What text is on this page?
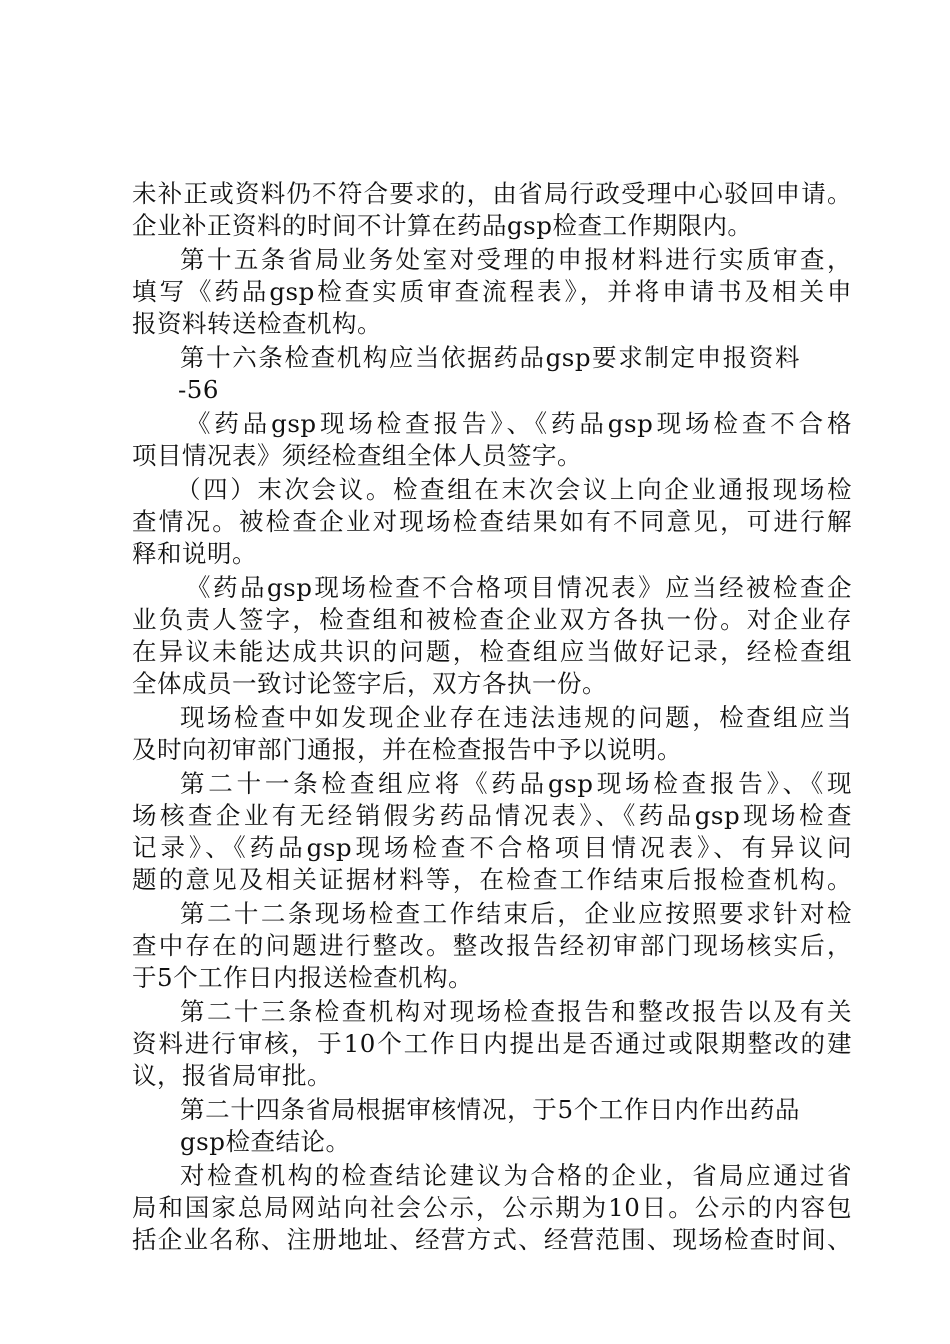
未补正或资料仍不符合要求的，由省局行政受理中心驳回申请。
企业补正资料的时间不计算在药品gsp检查工作期限内。
第十五条省局业务处室对受理的申报材料进行实质审查，
填写《药品gsp检查实质审查流程表》，并将申请书及相关申
报资料转送检查机构。
第十六条检查机构应当依据药品gsp要求制定申报资料
-56
《药品gsp现场检查报告》、《药品gsp现场检查不合格
项目情况表》须经检查组全体人员签字。
（四）末次会议。检查组在末次会议上向企业通报现场检
查情况。被检查企业对现场检查结果如有不同意见，可进行解
释和说明。
《药品gsp现场检查不合格项目情况表》应当经被检查企
业负责人签字，检查组和被检查企业双方各执一份。对企业存
在异议未能达成共识的问题，检查组应当做好记录，经检查组
全体成员一致讨论签字后，双方各执一份。
现场检查中如发现企业存在违法违规的问题，检查组应当
及时向初审部门通报，并在检查报告中予以说明。
第二十一条检查组应将《药品gsp现场检查报告》、《现
场核查企业有无经销假劣药品情况表》、《药品gsp现场检查
记录》、《药品gsp现场检查不合格项目情况表》、有异议问
题的意见及相关证据材料等，在检查工作结束后报检查机构。
第二十二条现场检查工作结束后，企业应按照要求针对检
查中存在的问题进行整改。整改报告经初审部门现场核实后，
于5个工作日内报送检查机构。
第二十三条检查机构对现场检查报告和整改报告以及有关
资料进行审核，于10个工作日内提出是否通过或限期整改的建
议，报省局审批。
第二十四条省局根据审核情况，于5个工作日内作出药品
gsp检查结论。
对检查机构的检查结论建议为合格的企业，省局应通过省
局和国家总局网站向社会公示，公示期为10日。公示的内容包
括企业名称、注册地址、经营方式、经营范围、现场检查时间、
